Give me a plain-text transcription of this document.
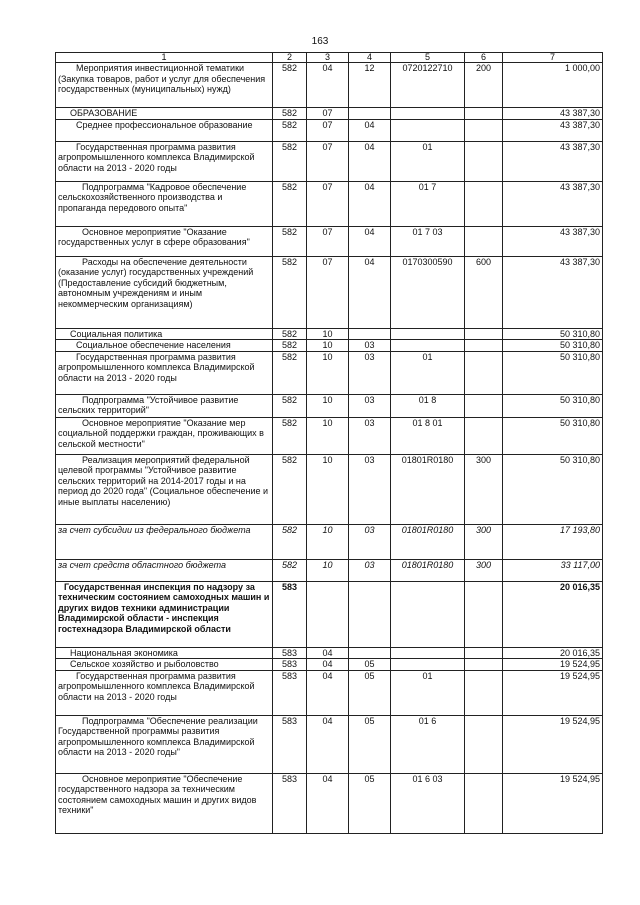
163
1	2	3	4	5	6	7
Мероприятия инвестиционной тематики (Закупка товаров, работ и услуг для обеспечения государственных (муниципальных) нужд)	582	04	12	0720122710	200	1 000,00
ОБРАЗОВАНИЕ	582	07				43 387,30
Среднее профессиональное образование	582	07	04			43 387,30
Государственная программа развития агропромышленного комплекса Владимирской области на 2013 - 2020 годы	582	07	04	01		43 387,30
Подпрограмма "Кадровое обеспечение сельскохозяйственного производства и пропаганда передового опыта"	582	07	04	01 7		43 387,30
Основное мероприятие "Оказание государственных услуг в сфере образования"	582	07	04	01 7 03		43 387,30
Расходы на обеспечение деятельности (оказание услуг) государственных учреждений (Предоставление субсидий бюджетным, автономным учреждениям и иным некоммерческим организациям)	582	07	04	0170300590	600	43 387,30
Социальная политика	582	10				50 310,80
Социальное обеспечение населения	582	10	03			50 310,80
Государственная программа развития агропромышленного комплекса Владимирской области на 2013 - 2020 годы	582	10	03	01		50 310,80
Подпрограмма "Устойчивое развитие сельских территорий"	582	10	03	01 8		50 310,80
Основное мероприятие "Оказание мер социальной поддержки граждан, проживающих в сельской местности"	582	10	03	01 8 01		50 310,80
Реализация мероприятий федеральной целевой программы "Устойчивое развитие сельских территорий на 2014-2017 годы и на период до 2020 года" (Социальное обеспечение и иные выплаты населению)	582	10	03	01801R0180	300	50 310,80
за счет субсидии из федерального бюджета	582	10	03	01801R0180	300	17 193,80
за счет средств областного бюджета	582	10	03	01801R0180	300	33 117,00
Государственная инспекция по надзору за техническим состоянием самоходных машин и других видов техники администрации Владимирской области - инспекция гостехнадзора Владимирской области	583					20 016,35
Национальная экономика	583	04				20 016,35
Сельское хозяйство и рыболовство	583	04	05			19 524,95
Государственная программа развития агропромышленного комплекса Владимирской области на 2013 - 2020 годы	583	04	05	01		19 524,95
Подпрограмма "Обеспечение реализации Государственной программы развития агропромышленного комплекса Владимирской области на 2013 - 2020 годы"	583	04	05	01 6		19 524,95
Основное мероприятие "Обеспечение государственного надзора за техническим состоянием самоходных машин и других видов техники"	583	04	05	01 6 03		19 524,95
